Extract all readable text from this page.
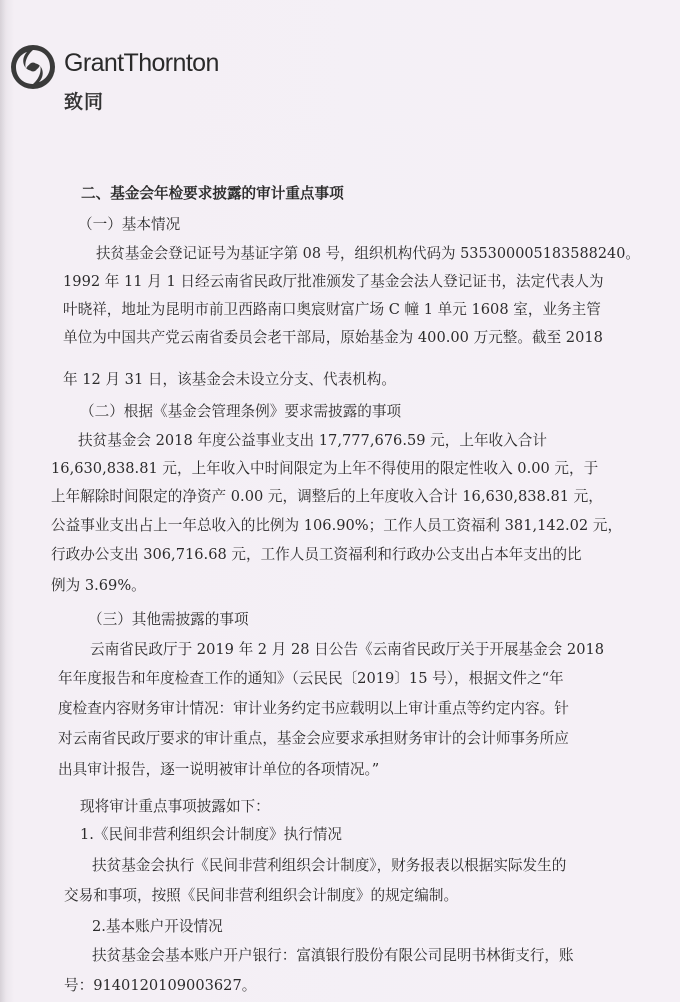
GrantThornton
致同
二、基金会年检要求披露的审计重点事项
（一）基本情况
扶贫基金会登记证号为基证字第 08 号，组织机构代码为 535300005183588240。
1992 年 11 月 1 日经云南省民政厅批准颁发了基金会法人登记证书，法定代表人为
叶晓祥，地址为昆明市前卫西路南口奥宸财富广场 C 幢 1 单元 1608 室，业务主管
单位为中国共产党云南省委员会老干部局，原始基金为 400.00 万元整。截至 2018
年 12 月 31 日，该基金会未设立分支、代表机构。
（二）根据《基金会管理条例》要求需披露的事项
扶贫基金会 2018 年度公益事业支出 17,777,676.59 元，上年收入合计
16,630,838.81 元，上年收入中时间限定为上年不得使用的限定性收入 0.00 元，于
上年解除时间限定的净资产 0.00 元，调整后的上年度收入合计 16,630,838.81 元，
公益事业支出占上一年总收入的比例为 106.90%；工作人员工资福利 381,142.02 元，
行政办公支出 306,716.68 元，工作人员工资福利和行政办公支出占本年支出的比
例为 3.69%。
（三）其他需披露的事项
云南省民政厅于 2019 年 2 月 28 日公告《云南省民政厅关于开展基金会 2018
年年度报告和年度检查工作的通知》（云民民〔2019〕15 号），根据文件之“年
度检查内容财务审计情况：审计业务约定书应载明以上审计重点等约定内容。针
对云南省民政厅要求的审计重点，基金会应要求承担财务审计的会计师事务所应
出具审计报告，逐一说明被审计单位的各项情况。”
现将审计重点事项披露如下：
1.《民间非营利组织会计制度》执行情况
扶贫基金会执行《民间非营利组织会计制度》，财务报表以根据实际发生的
交易和事项，按照《民间非营利组织会计制度》的规定编制。
2.基本账户开设情况
扶贫基金会基本账户开户银行：富滇银行股份有限公司昆明书林街支行，账
号：9140120109003627。
